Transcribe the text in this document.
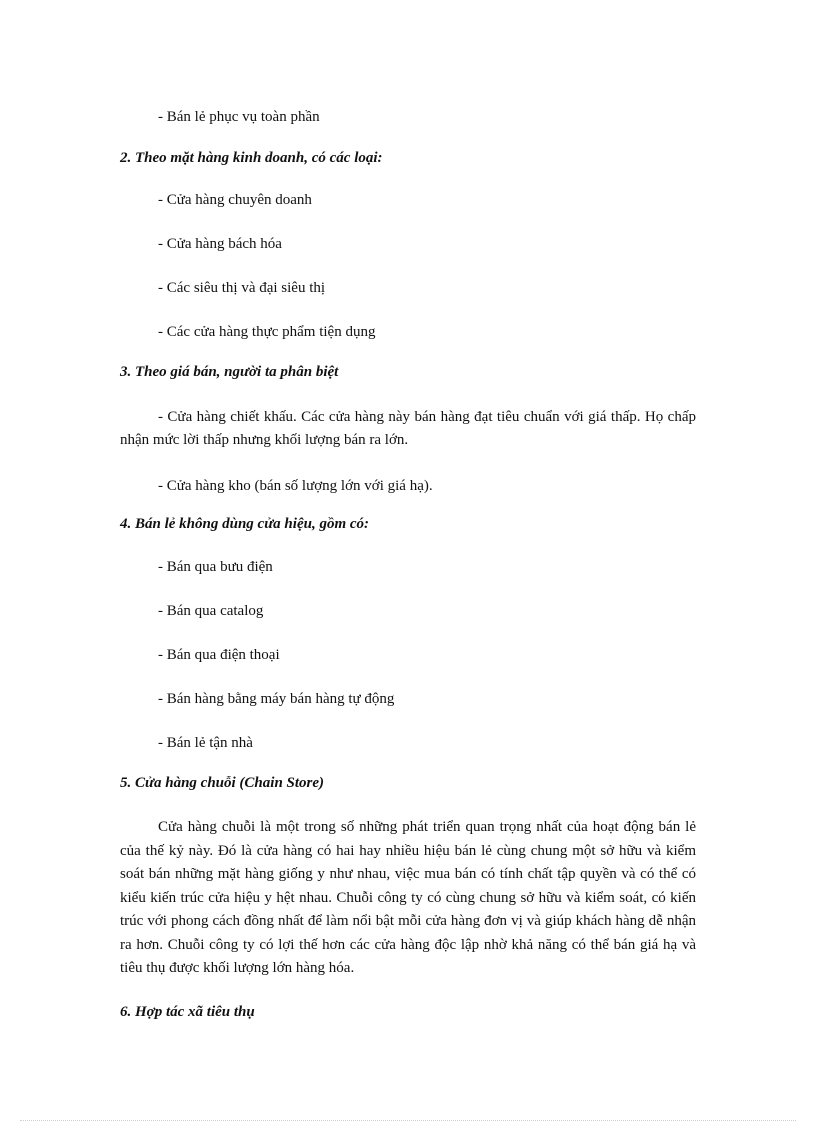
- Bán lẻ phục vụ toàn phần
2. Theo mặt hàng kinh doanh, có các loại:
- Cửa hàng chuyên doanh
- Cửa hàng bách hóa
- Các siêu thị và đại siêu thị
- Các cửa hàng thực phẩm tiện dụng
3. Theo giá bán, người ta phân biệt
- Cửa hàng chiết khấu. Các cửa hàng này bán hàng đạt tiêu chuẩn với giá thấp. Họ chấp nhận mức lời thấp nhưng khối lượng bán ra lớn.
- Cửa hàng kho (bán số lượng lớn với giá hạ).
4. Bán lẻ không dùng cửa hiệu, gồm có:
- Bán qua bưu điện
- Bán qua catalog
- Bán qua điện thoại
- Bán hàng bằng máy bán hàng tự động
- Bán lẻ tận nhà
5. Cửa hàng chuỗi (Chain Store)
Cửa hàng chuỗi là một trong số những phát triển quan trọng nhất của hoạt động bán lẻ của thế kỷ này. Đó là cửa hàng có hai hay nhiều hiệu bán lẻ cùng chung một sở hữu và kiểm soát bán những mặt hàng giống y như nhau, việc mua bán có tính chất tập quyền và có thể có kiểu kiến trúc cửa hiệu y hệt nhau. Chuỗi công ty có cùng chung sở hữu và kiểm soát, có kiến trúc với phong cách đồng nhất để làm nổi bật mỗi cửa hàng đơn vị và giúp khách hàng dễ nhận ra hơn. Chuỗi công ty có lợi thế hơn các cửa hàng độc lập nhờ khả năng có thể bán giá hạ và tiêu thụ được khối lượng lớn hàng hóa.
6. Hợp tác xã tiêu thụ
